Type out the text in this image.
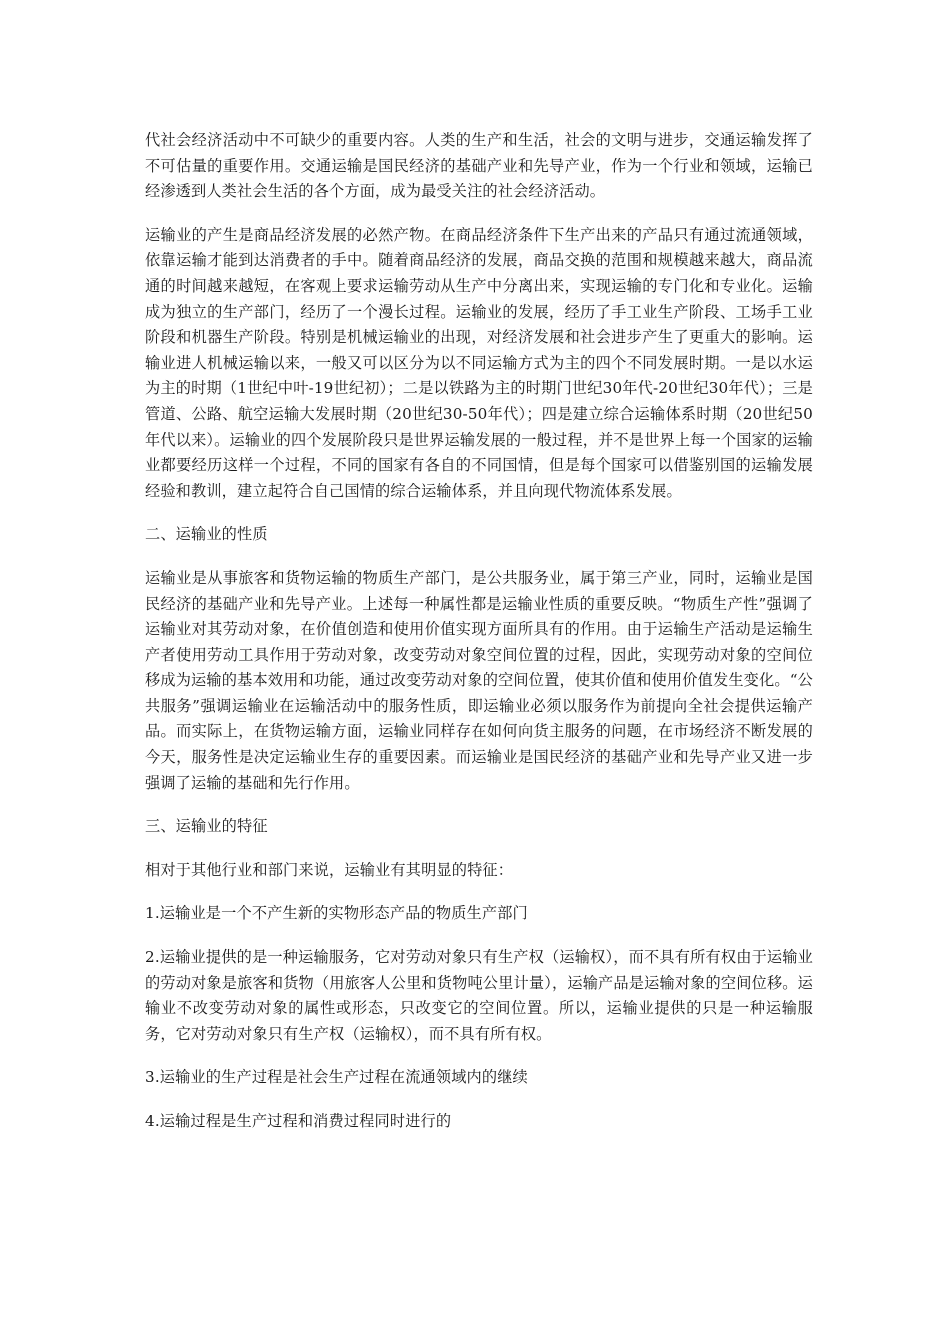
代社会经济活动中不可缺少的重要内容。人类的生产和生活，社会的文明与进步，交通运输发挥了不可估量的重要作用。交通运输是国民经济的基础产业和先导产业，作为一个行业和领域，运输已经渗透到人类社会生活的各个方面，成为最受关注的社会经济活动。

运输业的产生是商品经济发展的必然产物。在商品经济条件下生产出来的产品只有通过流通领域，依靠运输才能到达消费者的手中。随着商品经济的发展，商品交换的范围和规模越来越大，商品流通的时间越来越短，在客观上要求运输劳动从生产中分离出来，实现运输的专门化和专业化。运输成为独立的生产部门，经历了一个漫长过程。运输业的发展，经历了手工业生产阶段、工场手工业阶段和机器生产阶段。特别是机械运输业的出现，对经济发展和社会进步产生了更重大的影响。运输业进人机械运输以来，一般又可以区分为以不同运输方式为主的四个不同发展时期。一是以水运为主的时期（1世纪中叶-19世纪初）；二是以铁路为主的时期门世纪30年代-20世纪30年代）；三是管道、公路、航空运输大发展时期（20世纪30-50年代）；四是建立综合运输体系时期（20世纪50年代以来）。运输业的四个发展阶段只是世界运输发展的一般过程，并不是世界上每一个国家的运输业都要经历这样一个过程，不同的国家有各自的不同国情，但是每个国家可以借鉴别国的运输发展经验和教训，建立起符合自己国情的综合运输体系，并且向现代物流体系发展。

二、运输业的性质

运输业是从事旅客和货物运输的物质生产部门，是公共服务业，属于第三产业，同时，运输业是国民经济的基础产业和先导产业。上述每一种属性都是运输业性质的重要反映。“物质生产性”强调了运输业对其劳动对象，在价值创造和使用价值实现方面所具有的作用。由于运输生产活动是运输生产者使用劳动工具作用于劳动对象，改变劳动对象空间位置的过程，因此，实现劳动对象的空间位移成为运输的基本效用和功能，通过改变劳动对象的空间位置，使其价值和使用价值发生变化。“公共服务”强调运输业在运输活动中的服务性质，即运输业必须以服务作为前提向全社会提供运输产品。而实际上，在货物运输方面，运输业同样存在如何向货主服务的问题，在市场经济不断发展的今天，服务性是决定运输业生存的重要因素。而运输业是国民经济的基础产业和先导产业又进一步强调了运输的基础和先行作用。

三、运输业的特征

相对于其他行业和部门来说，运输业有其明显的特征：

1.运输业是一个不产生新的实物形态产品的物质生产部门

2.运输业提供的是一种运输服务，它对劳动对象只有生产权（运输权），而不具有所有权由于运输业的劳动对象是旅客和货物（用旅客人公里和货物吨公里计量），运输产品是运输对象的空间位移。运输业不改变劳动对象的属性或形态，只改变它的空间位置。所以，运输业提供的只是一种运输服务，它对劳动对象只有生产权（运输权），而不具有所有权。

3.运输业的生产过程是社会生产过程在流通领域内的继续

4.运输过程是生产过程和消费过程同时进行的
